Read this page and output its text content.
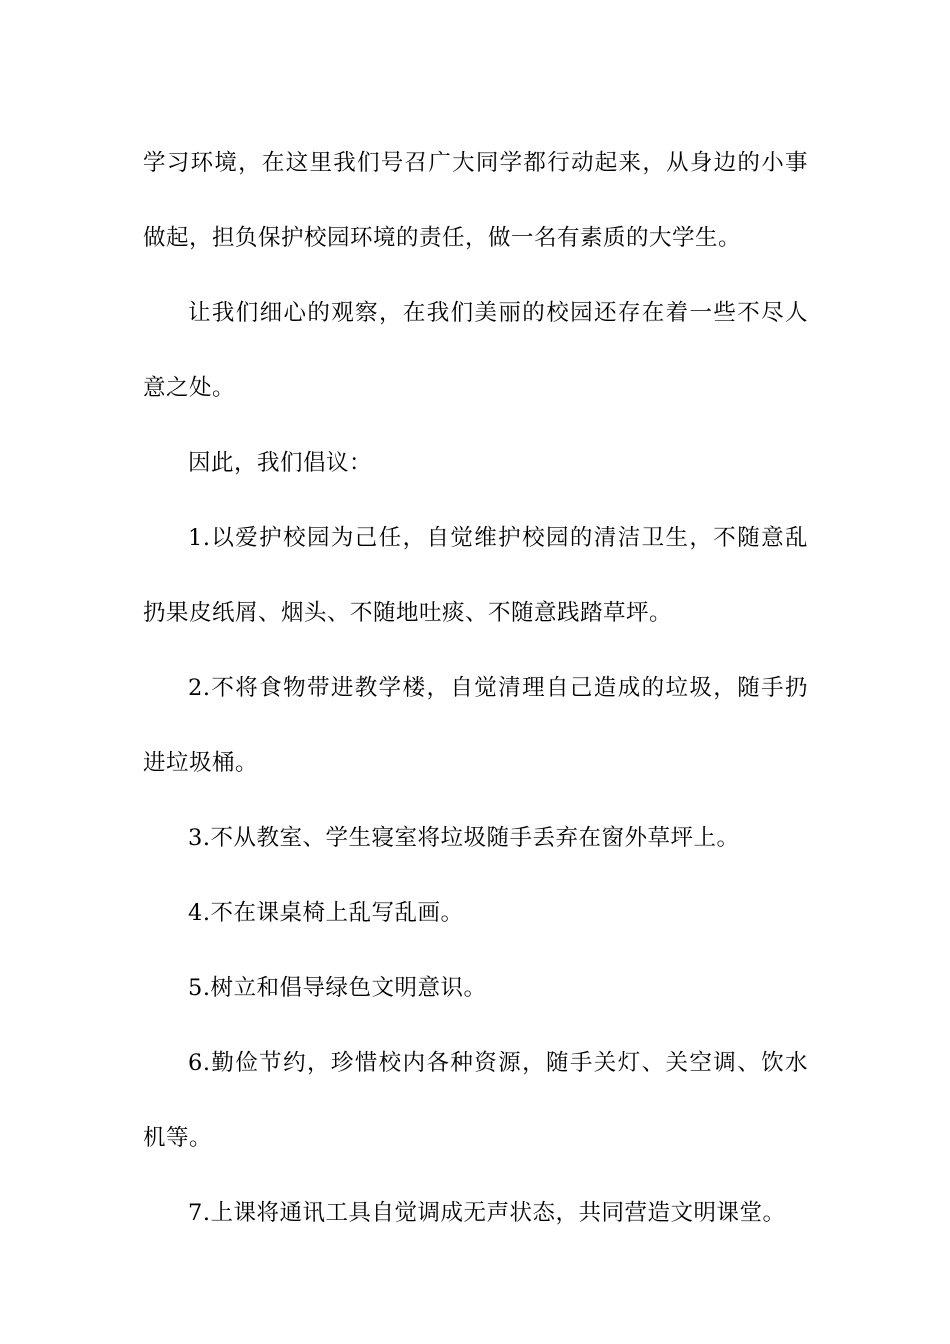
学习环境，在这里我们号召广大同学都行动起来，从身边的小事做起，担负保护校园环境的责任，做一名有素质的大学生。

让我们细心的观察，在我们美丽的校园还存在着一些不尽人意之处。

因此，我们倡议：

1.以爱护校园为己任，自觉维护校园的清洁卫生，不随意乱扔果皮纸屑、烟头、不随地吐痰、不随意践踏草坪。

2.不将食物带进教学楼，自觉清理自己造成的垃圾，随手扔进垃圾桶。

3.不从教室、学生寝室将垃圾随手丢弃在窗外草坪上。

4.不在课桌椅上乱写乱画。

5.树立和倡导绿色文明意识。

6.勤俭节约，珍惜校内各种资源，随手关灯、关空调、饮水机等。

7.上课将通讯工具自觉调成无声状态，共同营造文明课堂。
